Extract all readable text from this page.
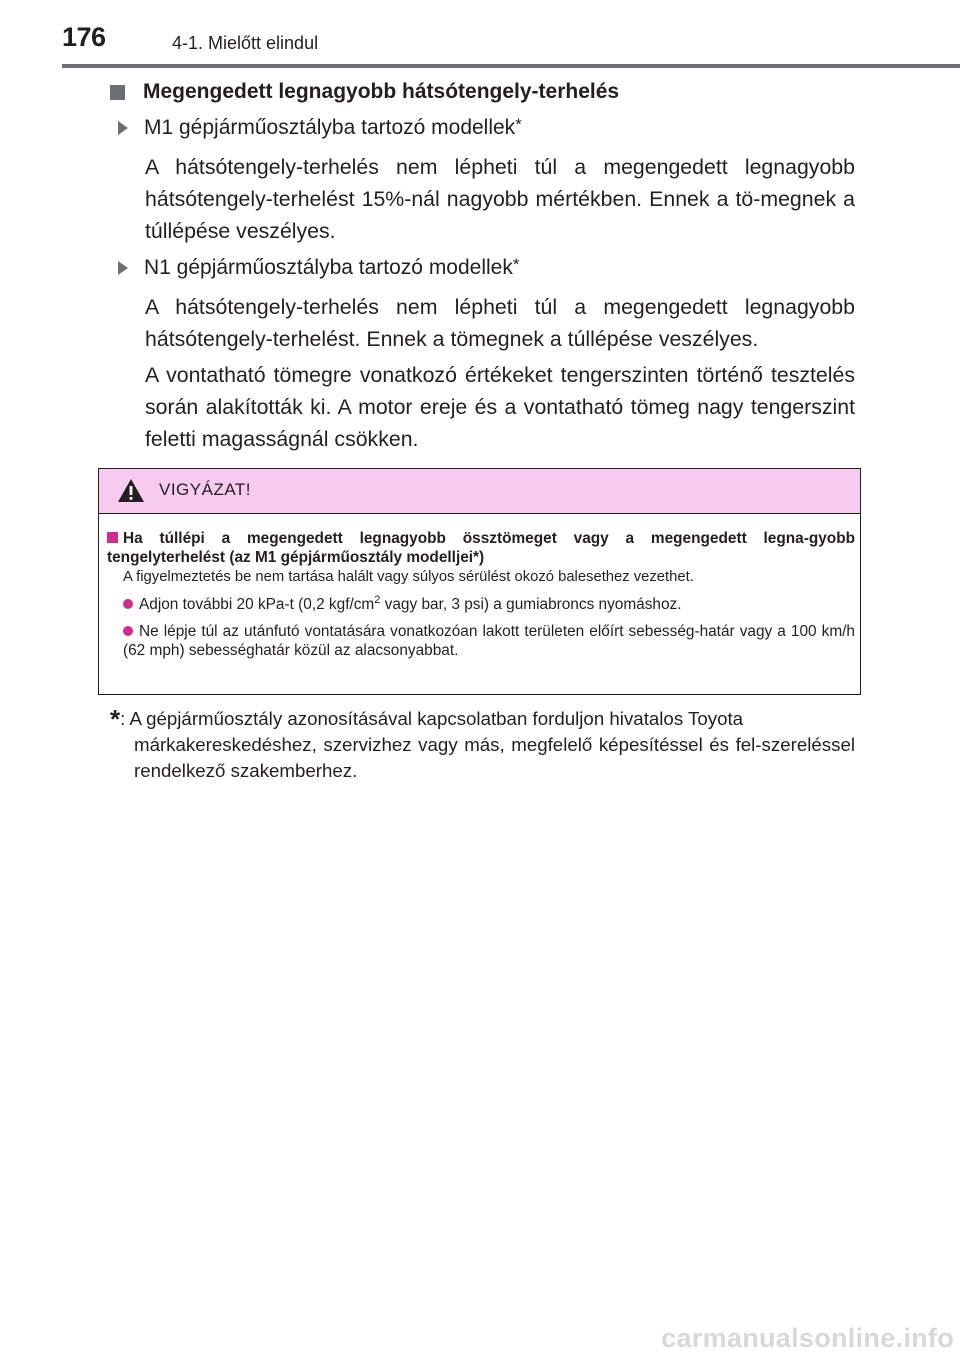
176	4-1. Mielőtt elindul
Megengedett legnagyobb hátsótengely-terhelés
M1 gépjárműosztályba tartozó modellek*

A hátsótengely-terhelés nem lépheti túl a megengedett legnagyobb hátsótengely-terhelést 15%-nál nagyobb mértékben. Ennek a tö-megnek a túllépése veszélyes.

N1 gépjárműosztályba tartozó modellek*

A hátsótengely-terhelés nem lépheti túl a megengedett legnagyobb hátsótengely-terhelést. Ennek a tömegnek a túllépése veszélyes.

A vontatható tömegre vonatkozó értékeket tengerszinten történő tesztelés során alakították ki. A motor ereje és a vontatható tömeg nagy tengerszint feletti magasságnál csökken.

VIGYÁZAT!

Ha túllépi a megengedett legnagyobb össztömeget vagy a megengedett legna-gyobb tengelyterhelést (az M1 gépjárműosztály modelljei*)

A figyelmeztetés be nem tartása halált vagy súlyos sérülést okozó balesethez vezethet.

Adjon további 20 kPa-t (0,2 kgf/$cm^2$ vagy bar, 3 psi) a gumiabroncs nyomáshoz.

Ne lépje túl az utánfutó vontatására vonatkozóan lakott területen előírt sebesség-határ vagy a 100 km/h (62 mph) sebességhatár közül az alacsonyabbat.

*: A gépjárműosztály azonosításával kapcsolatban forduljon hivatalos Toyota
márkakereskedéshez, szervizhez vagy más, megfelelő képesítéssel és fel-szereléssel rendelkező szakemberhez.

carmanualsonline.info
